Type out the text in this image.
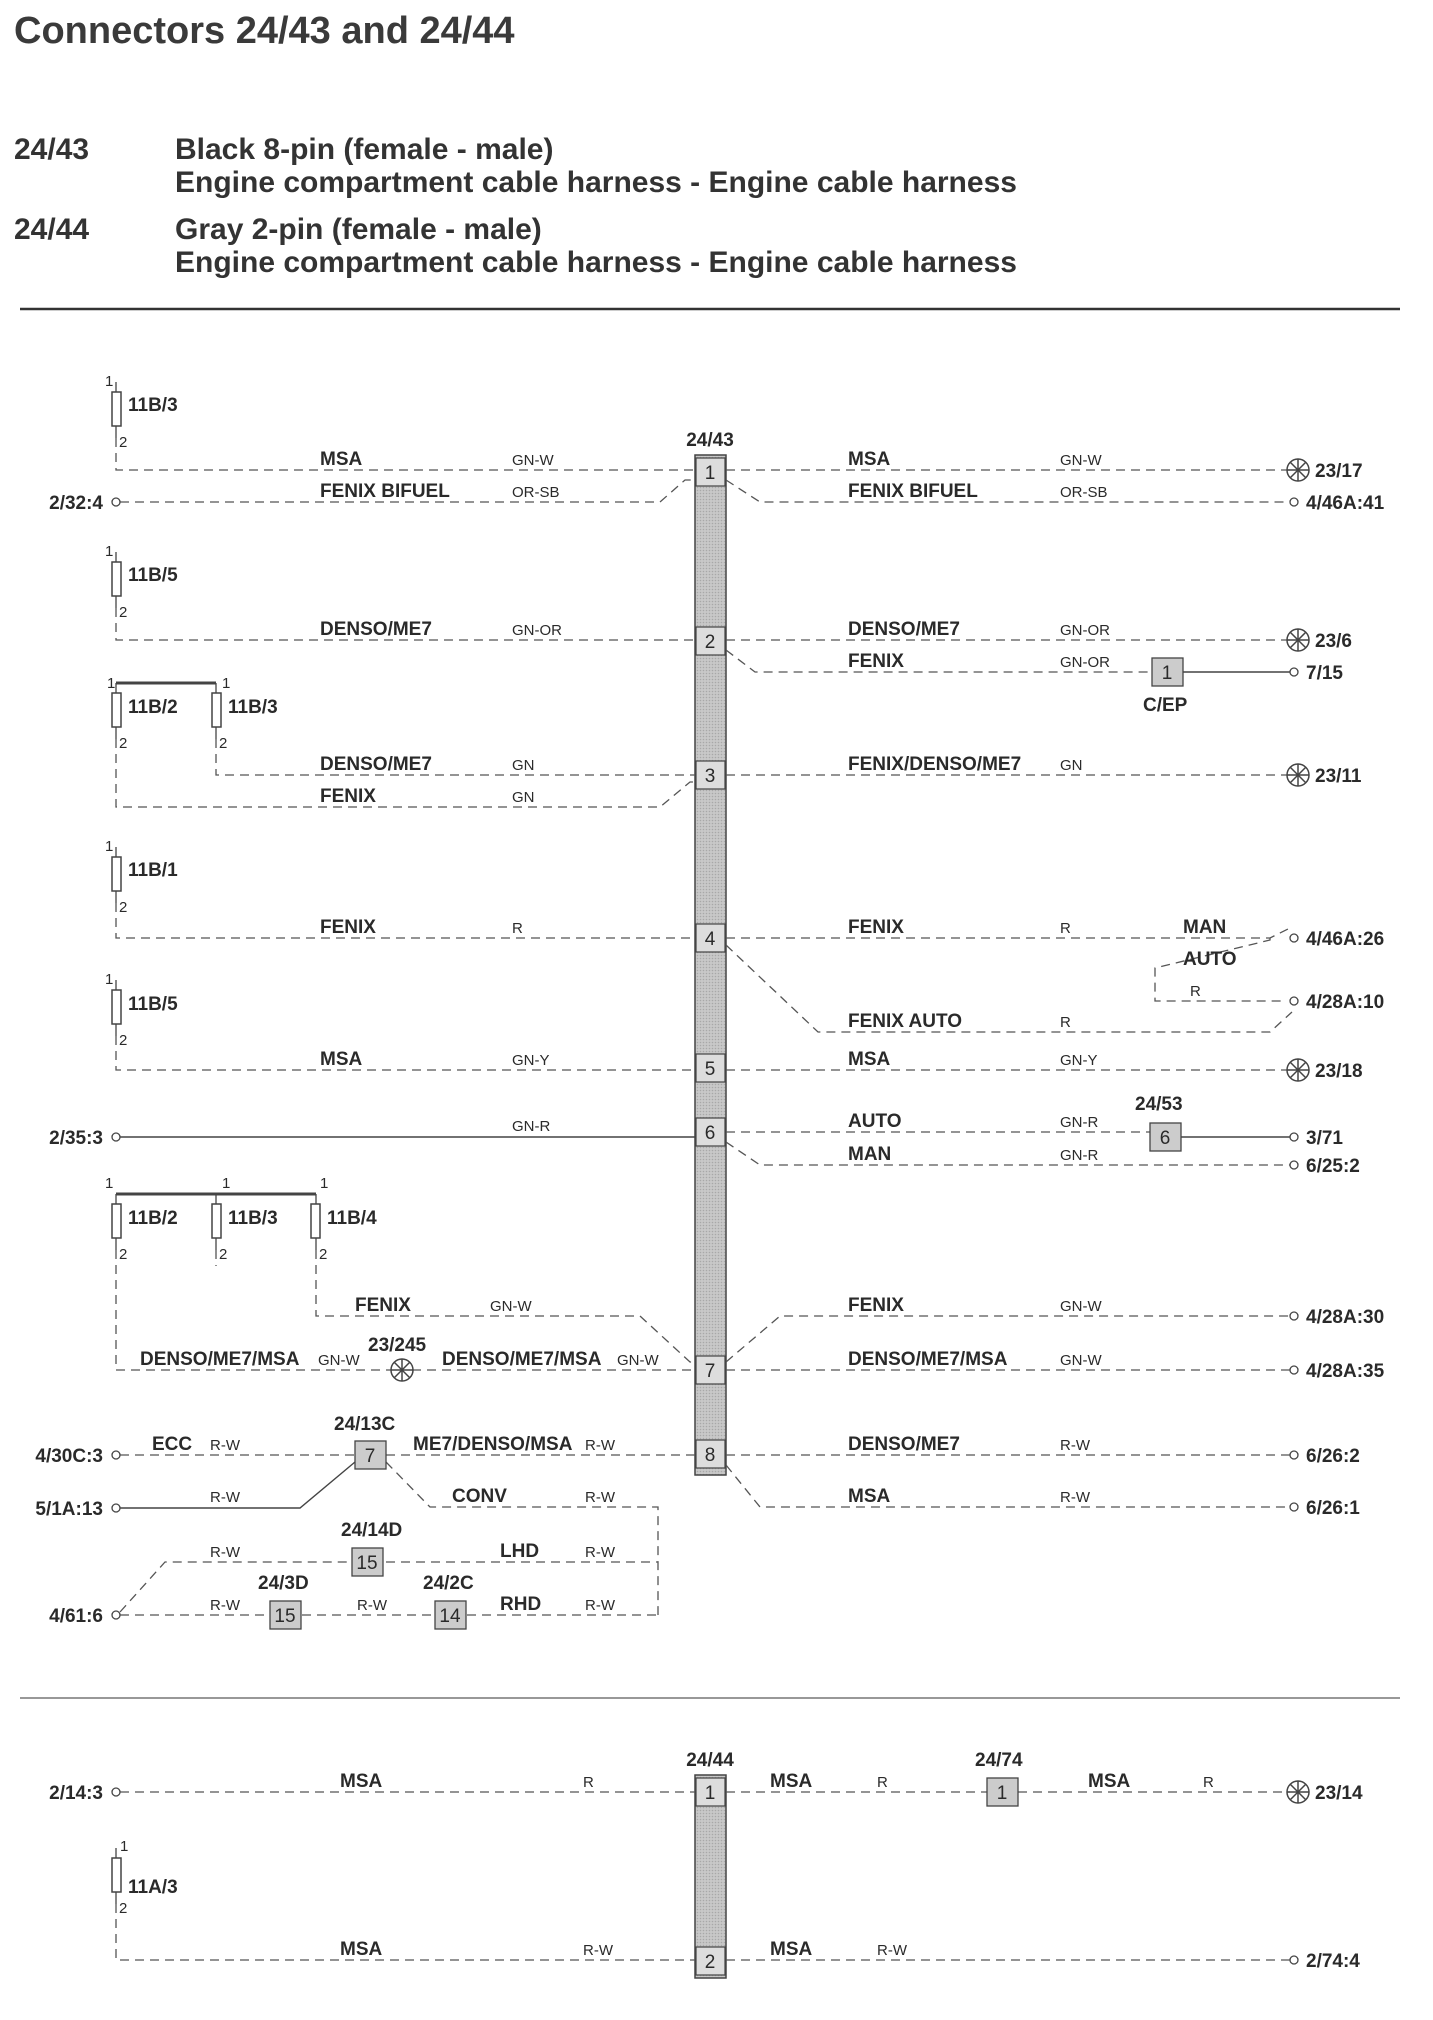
Connectors 24/43 and 24/44
24/43	Black 8-pin (female - male)
Engine compartment cable harness - Engine cable harness
24/44	Gray 2-pin (female - male)
Engine compartment cable harness - Engine cable harness
24/43
1
2
3
4
5
6
7
8
24/44
1
2
11B/3
11B/5
11B/2	11B/3
11B/1
11B/5
11B/2	11B/3	11B/4
11A/3
1
2
1
2
1
2
1
2
1
2
1
2
1
2
1
2
1
2
1
2
1
6
7
15
15	14
1
C/EP
24/53
23/245
24/13C
24/14D
24/3D	24/2C
24/74
MSA
FENIX BIFUEL
MSA
FENIX BIFUEL
DENSO/ME7	DENSO/ME7
FENIX
DENSO/ME7
FENIX
FENIX/DENSO/ME7
FENIX	FENIX	MAN
AUTO
FENIX AUTO
MSA	MSA
AUTO
MAN
FENIX	FENIX
DENSO/ME7/MSA	DENSO/ME7/MSA	DENSO/ME7/MSA
ECC	ME7/DENSO/MSA	DENSO/ME7
CONV	MSA
LHD
RHD
MSA	MSA	MSA
MSA	MSA
GN-W
OR-SB
GN-W
OR-SB
GN-OR	GN-OR
GN-OR
GN
GN
GN
R	R
R
R
GN-Y	GN-Y
GN-R	GN-R
GN-R
GN-W	GN-W
GN-W	GN-W	GN-W
R-W	R-W	R-W
R-W	R-W	R-W
R-W	R-W
R-W	R-W	R-W
R	R	R
R-W	R-W
2/32:4
2/35:3
4/30C:3
5/1A:13
4/61:6
2/14:3
23/17
4/46A:41
23/6
7/15
23/11
4/46A:26
4/28A:10
23/18
3/71
6/25:2
4/28A:30
4/28A:35
6/26:2
6/26:1
23/14
2/74:4
